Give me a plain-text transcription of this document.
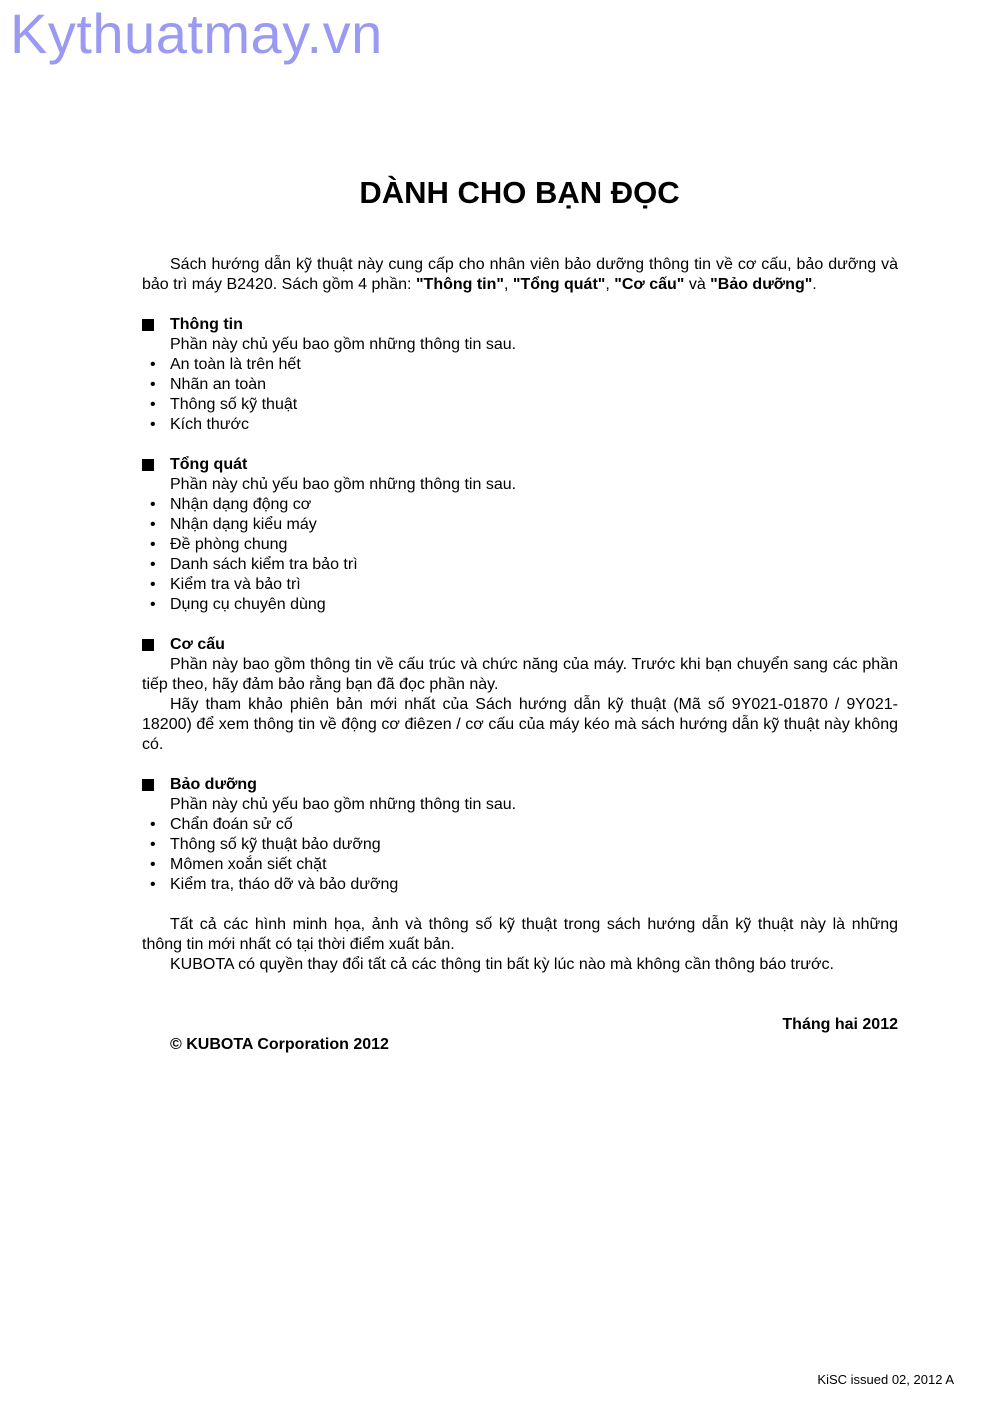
Kythuatmay.vn
DÀNH CHO BẠN ĐỌC
Sách hướng dẫn kỹ thuật này cung cấp cho nhân viên bảo dưỡng thông tin về cơ cấu, bảo dưỡng và bảo trì máy B2420. Sách gồm 4 phần: "Thông tin", "Tổng quát", "Cơ cấu" và "Bảo dưỡng".
Thông tin
Phần này chủ yếu bao gồm những thông tin sau.
• An toàn là trên hết
• Nhãn an toàn
• Thông số kỹ thuật
• Kích thước
Tổng quát
Phần này chủ yếu bao gồm những thông tin sau.
• Nhận dạng động cơ
• Nhận dạng kiểu máy
• Đề phòng chung
• Danh sách kiểm tra bảo trì
• Kiểm tra và bảo trì
• Dụng cụ chuyên dùng
Cơ cấu
Phần này bao gồm thông tin về cấu trúc và chức năng của máy. Trước khi bạn chuyển sang các phần tiếp theo, hãy đảm bảo rằng bạn đã đọc phần này.
Hãy tham khảo phiên bản mới nhất của Sách hướng dẫn kỹ thuật (Mã số 9Y021-01870 / 9Y021-18200) để xem thông tin về động cơ điêzen / cơ cấu của máy kéo mà sách hướng dẫn kỹ thuật này không có.
Bảo dưỡng
Phần này chủ yếu bao gồm những thông tin sau.
• Chẩn đoán sử cố
• Thông số kỹ thuật bảo dưỡng
• Mômen xoắn siết chặt
• Kiểm tra, tháo dỡ và bảo dưỡng
Tất cả các hình minh họa, ảnh và thông số kỹ thuật trong sách hướng dẫn kỹ thuật này là những thông tin mới nhất có tại thời điểm xuất bản.
KUBOTA có quyền thay đổi tất cả các thông tin bất kỳ lúc nào mà không cần thông báo trước.
Tháng hai 2012
© KUBOTA Corporation 2012
KiSC issued 02, 2012 A
